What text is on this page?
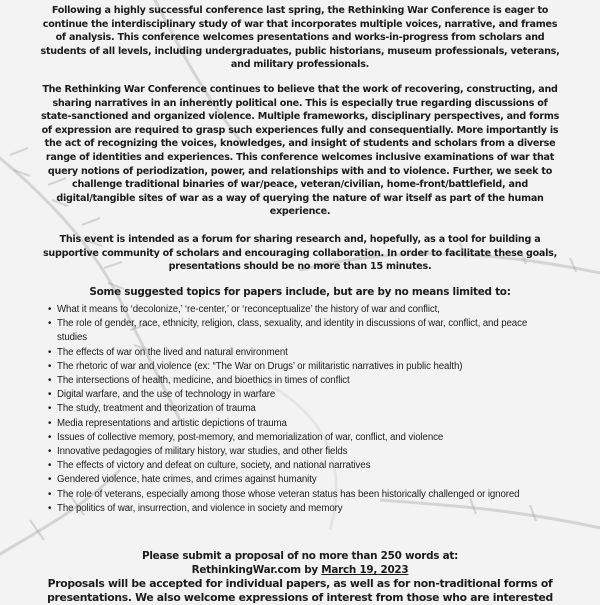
Following a highly successful conference last spring, the Rethinking War Conference is eager to continue the interdisciplinary study of war that incorporates multiple voices, narrative, and frames of analysis. This conference welcomes presentations and works-in-progress from scholars and students of all levels, including undergraduates, public historians, museum professionals, veterans, and military professionals.

The Rethinking War Conference continues to believe that the work of recovering, constructing, and sharing narratives in an inherently political one. This is especially true regarding discussions of state-sanctioned and organized violence. Multiple frameworks, disciplinary perspectives, and forms of expression are required to grasp such experiences fully and consequentially. More importantly is the act of recognizing the voices, knowledges, and insight of students and scholars from a diverse range of identities and experiences. This conference welcomes inclusive examinations of war that query notions of periodization, power, and relationships with and to violence. Further, we seek to challenge traditional binaries of war/peace, veteran/civilian, home-front/battlefield, and digital/tangible sites of war as a way of querying the nature of war itself as part of the human experience.

This event is intended as a forum for sharing research and, hopefully, as a tool for building a supportive community of scholars and encouraging collaboration. In order to facilitate these goals, presentations should be no more than 15 minutes.

Some suggested topics for papers include, but are by no means limited to:
• What it means to ‘decolonize,’ ‘re-center,’ or ‘reconceptualize’ the history of war and conflict,
• The role of gender, race, ethnicity, religion, class, sexuality, and identity in discussions of war, conflict, and peace studies
• The effects of war on the lived and natural environment
• The rhetoric of war and violence (ex: “The War on Drugs’ or militaristic narratives in public health)
• The intersections of health, medicine, and bioethics in times of conflict
• Digital warfare, and the use of technology in warfare
• The study, treatment and theorization of trauma
• Media representations and artistic depictions of trauma
• Issues of collective memory, post-memory, and memorialization of war, conflict, and violence
• Innovative pedagogies of military history, war studies, and other fields
• The effects of victory and defeat on culture, society, and national narratives
• Gendered violence, hate crimes, and crimes against humanity
• The role of veterans, especially among those whose veteran status has been historically challenged or ignored
• The politics of war, insurrection, and violence in society and memory
Please submit a proposal of no more than 250 words at:
RethinkingWar.com by March 19, 2023
Proposals will be accepted for individual papers, as well as for non-traditional forms of
presentations. We also welcome expressions of interest from those who are interested
